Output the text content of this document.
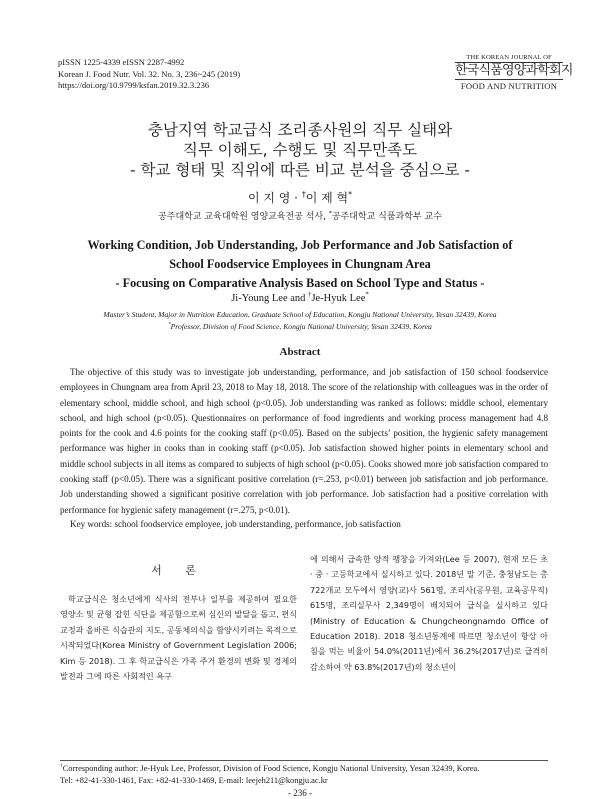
pISSN 1225-4339 eISSN 2287-4992
Korean J. Food Nutr. Vol. 32. No. 3, 236~245 (2019)
https://doi.org/10.9799/ksfan.2019.32.3.236
THE KOREAN JOURNAL OF
한국식품영양과학회지
FOOD AND NUTRITION
충남지역 학교급식 조리종사원의 직무 실태와
직무 이해도, 수행도 및 직무만족도
- 학교 형태 및 직위에 따른 비교 분석을 중심으로 -
이 지 영 · †이 제 혁*
공주대학교 교육대학원 영양교육전공 석사, *공주대학교 식품과학부 교수
Working Condition, Job Understanding, Job Performance and Job Satisfaction of
School Foodservice Employees in Chungnam Area
- Focusing on Comparative Analysis Based on School Type and Status -
Ji-Young Lee and †Je-Hyuk Lee*
Master’s Student, Major in Nutrition Education, Graduate School of Education, Kongju National University, Yesan 32439, Korea
*Professor, Division of Food Science, Kongju National University, Yesan 32439, Korea
Abstract

The objective of this study was to investigate job understanding, performance, and job satisfaction of 150 school foodservice employees in Chungnam area from April 23, 2018 to May 18, 2018. The score of the relationship with colleagues was in the order of elementary school, middle school, and high school (p<0.05). Job understanding was ranked as follows: middle school, elementary school, and high school (p<0.05). Questionnaires on performance of food ingredients and working process management had 4.8 points for the cook and 4.6 points for the cooking staff (p<0.05). Based on the subjects’ position, the hygienic safety management performance was higher in cooks than in cooking staff (p<0.05). Job satisfaction showed higher points in elementary school and middle school subjects in all items as compared to subjects of high school (p<0.05). Cooks showed more job satisfaction compared to cooking staff (p<0.05). There was a significant positive correlation (r=.253, p<0.01) between job satisfaction and job performance. Job understanding showed a significant positive correlation with job performance. Job satisfaction had a positive correlation with performance for hygienic safety management (r=.275, p<0.01).

Key words: school foodservice employee, job understanding, performance, job satisfaction
서 론

학교급식은 청소년에게 식사의 전부나 일부를 제공하여 필요한 영양소 및 균형 잡힌 식단을 제공함으로써 심신의 발달을 돕고, 편식교정과 올바른 식습관의 지도, 공동체의식을 함양시키려는 목적으로 시작되었다(Korea Ministry of Government Legislation 2006; Kim 등 2018). 그 후 학교급식은 가족 주거 환경의 변화 및 경제의 발전과 그에 따른 사회적인 욕구

에 의해서 급속한 양적 팽창을 가져와(Lee 등 2007), 현재 모든 초 · 중 · 고등학교에서 실시하고 있다. 2018년 말 기준, 충청남도는 총 722개교 모두에서 영양(교)사 561명, 조리사(공무원, 교육공무직) 615명, 조리실무사 2,349명이 배치되어 급식을 실시하고 있다(Ministry of Education & Chungcheongnamdo Office of Education 2018). 2018 청소년통계에 따르면 청소년이 항상 아침을 먹는 비율이 54.0%(2011년)에서 36.2%(2017년)로 급격히 감소하여 약 63.8%(2017년)의 청소년이

†Corresponding author: Je-Hyuk Lee, Professor, Division of Food Science, Kongju National University, Yesan 32439, Korea.
Tel: +82-41-330-1461, Fax: +82-41-330-1469, E-mail: leejeh211@kongju.ac.kr
- 236 -
